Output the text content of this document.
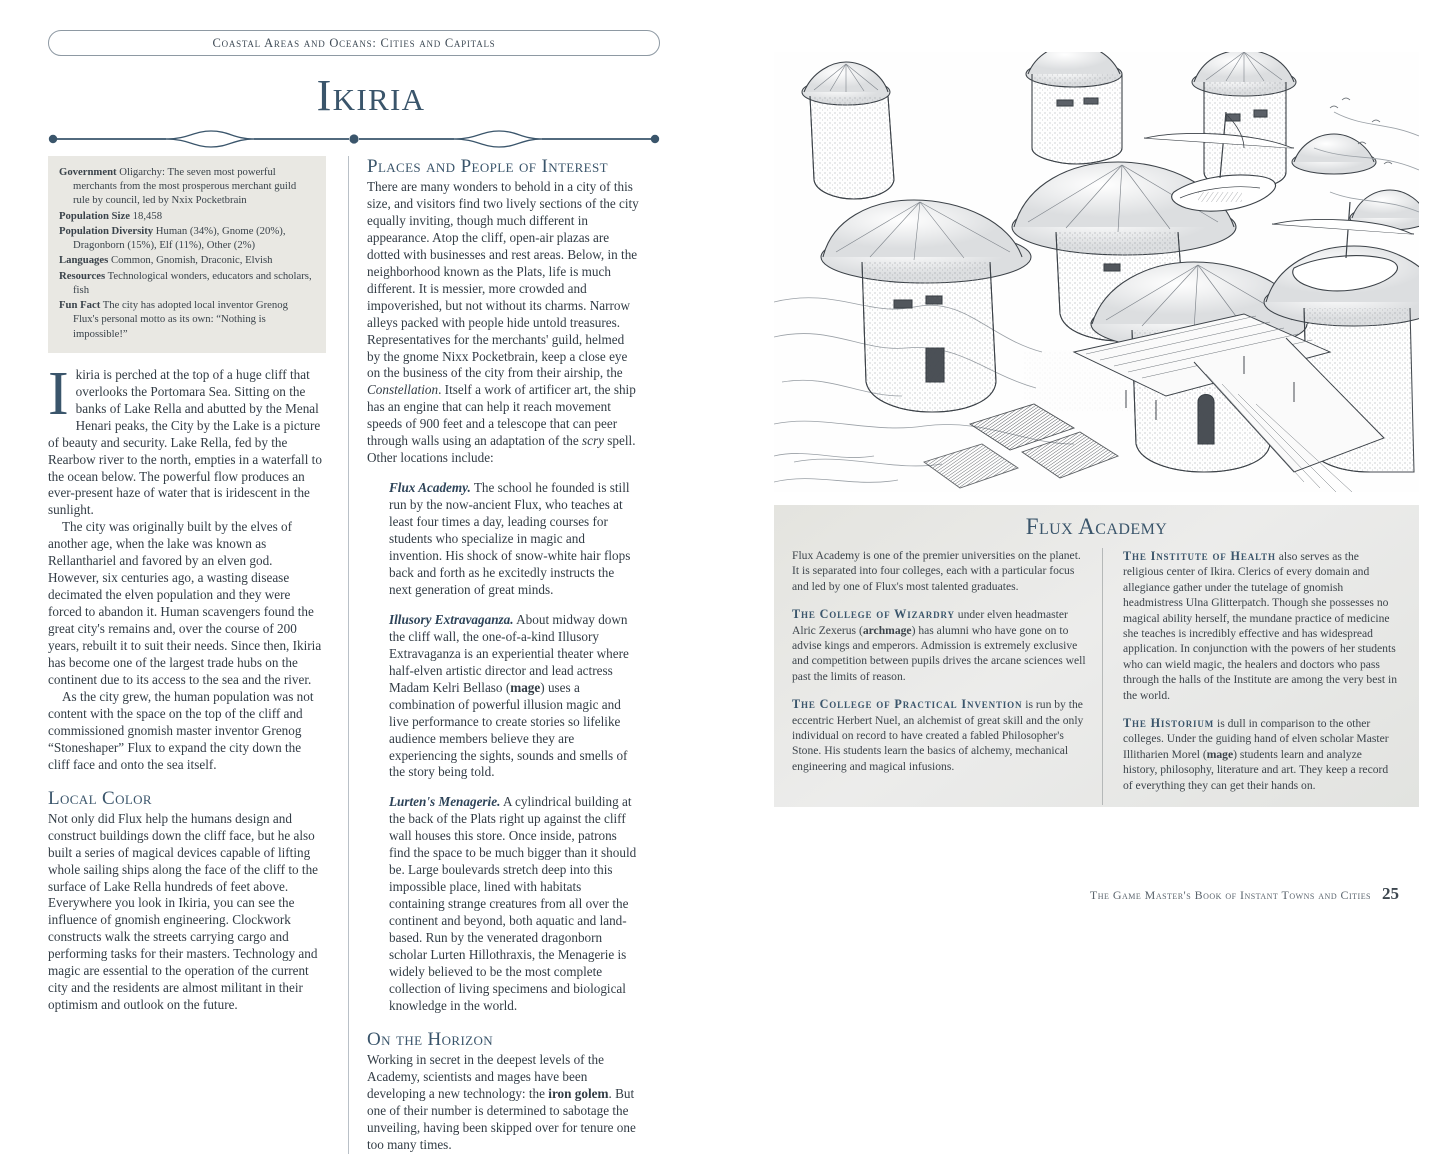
Coastal Areas and Oceans: Cities and Capitals
Ikiria
Government Oligarchy: The seven most powerful merchants from the most prosperous merchant guild rule by council, led by Nxix Pocketbrain
Population Size 18,458
Population Diversity Human (34%), Gnome (20%), Dragonborn (15%), Elf (11%), Other (2%)
Languages Common, Gnomish, Draconic, Elvish
Resources Technological wonders, educators and scholars, fish
Fun Fact The city has adopted local inventor Grenog Flux's personal motto as its own: “Nothing is impossible!”
I kiria is perched at the top of a huge cliff that overlooks the Portomara Sea. Sitting on the banks of Lake Rella and abutted by the Menal Henari peaks, the City by the Lake is a picture of beauty and security. Lake Rella, fed by the Rearbow river to the north, empties in a waterfall to the ocean below. The powerful flow produces an ever-present haze of water that is iridescent in the sunlight.

The city was originally built by the elves of another age, when the lake was known as Rellanthariel and favored by an elven god. However, six centuries ago, a wasting disease decimated the elven population and they were forced to abandon it. Human scavengers found the great city's remains and, over the course of 200 years, rebuilt it to suit their needs. Since then, Ikiria has become one of the largest trade hubs on the continent due to its access to the sea and the river.

As the city grew, the human population was not content with the space on the top of the cliff and commissioned gnomish master inventor Grenog “Stoneshaper” Flux to expand the city down the cliff face and onto the sea itself.

Local Color

Not only did Flux help the humans design and construct buildings down the cliff face, but he also built a series of magical devices capable of lifting whole sailing ships along the face of the cliff to the surface of Lake Rella hundreds of feet above. Everywhere you look in Ikiria, you can see the influence of gnomish engineering. Clockwork constructs walk the streets carrying cargo and performing tasks for their masters. Technology and magic are essential to the operation of the current city and the residents are almost militant in their optimism and outlook on the future.

Places and People of Interest

There are many wonders to behold in a city of this size, and visitors find two lively sections of the city equally inviting, though much different in appearance. Atop the cliff, open-air plazas are dotted with businesses and rest areas. Below, in the neighborhood known as the Plats, life is much different. It is messier, more crowded and impoverished, but not without its charms. Narrow alleys packed with people hide untold treasures. Representatives for the merchants' guild, helmed by the gnome Nixx Pocketbrain, keep a close eye on the business of the city from their airship, the Constellation. Itself a work of artificer art, the ship has an engine that can help it reach movement speeds of 900 feet and a telescope that can peer through walls using an adaptation of the scry spell. Other locations include:

Flux Academy. The school he founded is still run by the now-ancient Flux, who teaches at least four times a day, leading courses for students who specialize in magic and invention. His shock of snow-white hair flops back and forth as he excitedly instructs the next generation of great minds.

Illusory Extravaganza. About midway down the cliff wall, the one-of-a-kind Illusory Extravaganza is an experiential theater where half-elven artistic director and lead actress Madam Kelri Bellaso (mage) uses a combination of powerful illusion magic and live performance to create stories so lifelike audience members believe they are experiencing the sights, sounds and smells of the story being told.

Lurten's Menagerie. A cylindrical building at the back of the Plats right up against the cliff wall houses this store. Once inside, patrons find the space to be much bigger than it should be. Large boulevards stretch deep into this impossible place, lined with habitats containing strange creatures from all over the continent and beyond, both aquatic and land-based. Run by the venerated dragonborn scholar Lurten Hillothraxis, the Menagerie is widely believed to be the most complete collection of living specimens and biological knowledge in the world.

On the Horizon

Working in secret in the deepest levels of the Academy, scientists and mages have been developing a new technology: the iron golem. But one of their number is determined to sabotage the unveiling, having been skipped over for tenure one too many times.

Flux Academy

Flux Academy is one of the premier universities on the planet. It is separated into four colleges, each with a particular focus and led by one of Flux's most talented graduates.

The College of Wizardry under elven headmaster Alric Zexerus (archmage) has alumni who have gone on to advise kings and emperors. Admission is extremely exclusive and competition between pupils drives the arcane sciences well past the limits of reason.

The College of Practical Invention is run by the eccentric Herbert Nuel, an alchemist of great skill and the only individual on record to have created a fabled Philosopher's Stone. His students learn the basics of alchemy, mechanical engineering and magical infusions.

The Institute of Health also serves as the religious center of Ikira. Clerics of every domain and allegiance gather under the tutelage of gnomish headmistress Ulna Glitterpatch. Though she possesses no magical ability herself, the mundane practice of medicine she teaches is incredibly effective and has widespread application. In conjunction with the powers of her students who can wield magic, the healers and doctors who pass through the halls of the Institute are among the very best in the world.

The Historium is dull in comparison to the other colleges. Under the guiding hand of elven scholar Master Illitharien Morel (mage) students learn and analyze history, philosophy, literature and art. They keep a record of everything they can get their hands on.

The Game Master's Book of Instant Towns and Cities 25
